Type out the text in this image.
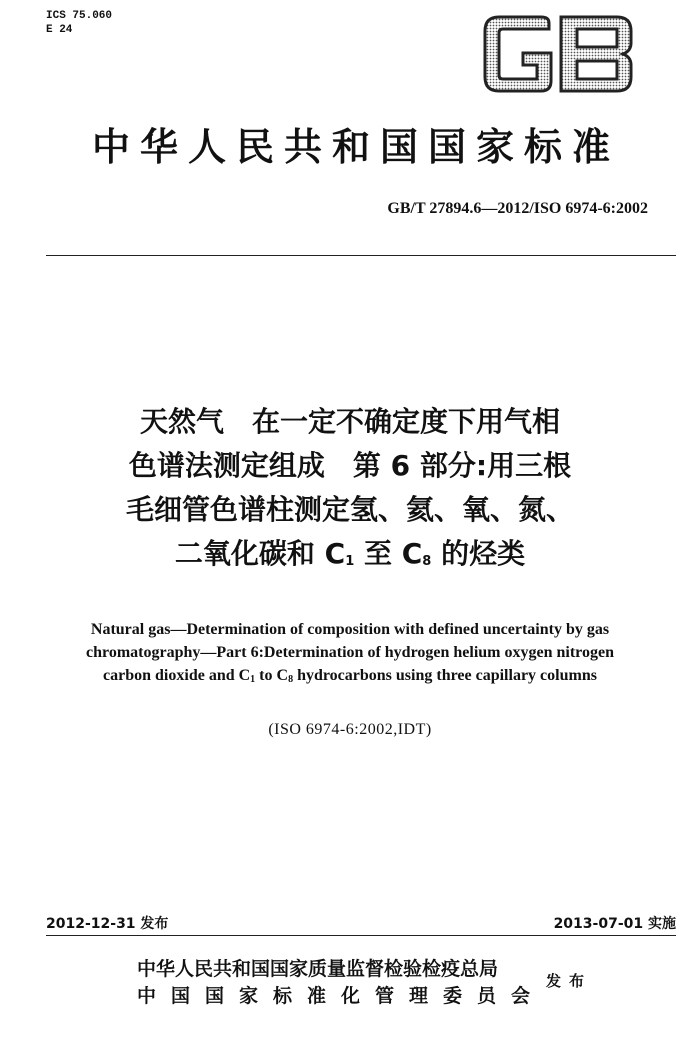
ICS 75.060
E 24
中华人民共和国国家标准
GB/T 27894.6—2012/ISO 6974-6:2002
天然气　在一定不确定度下用气相
色谱法测定组成　第 6 部分:用三根
毛细管色谱柱测定氢、氦、氧、氮、
二氧化碳和 $C_1$ 至 $C_8$ 的烃类
Natural gas—Determination of composition with defined uncertainty by gas
chromatography—Part 6:Determination of hydrogen helium oxygen nitrogen
carbon dioxide and $C_1$ to $C_8$ hydrocarbons using three capillary columns
(ISO 6974-6:2002,IDT)
2012-12-31 发布	2013-07-01 实施
中华人民共和国国家质量监督检验检疫总局
中国国家标准化管理委员会
发布
